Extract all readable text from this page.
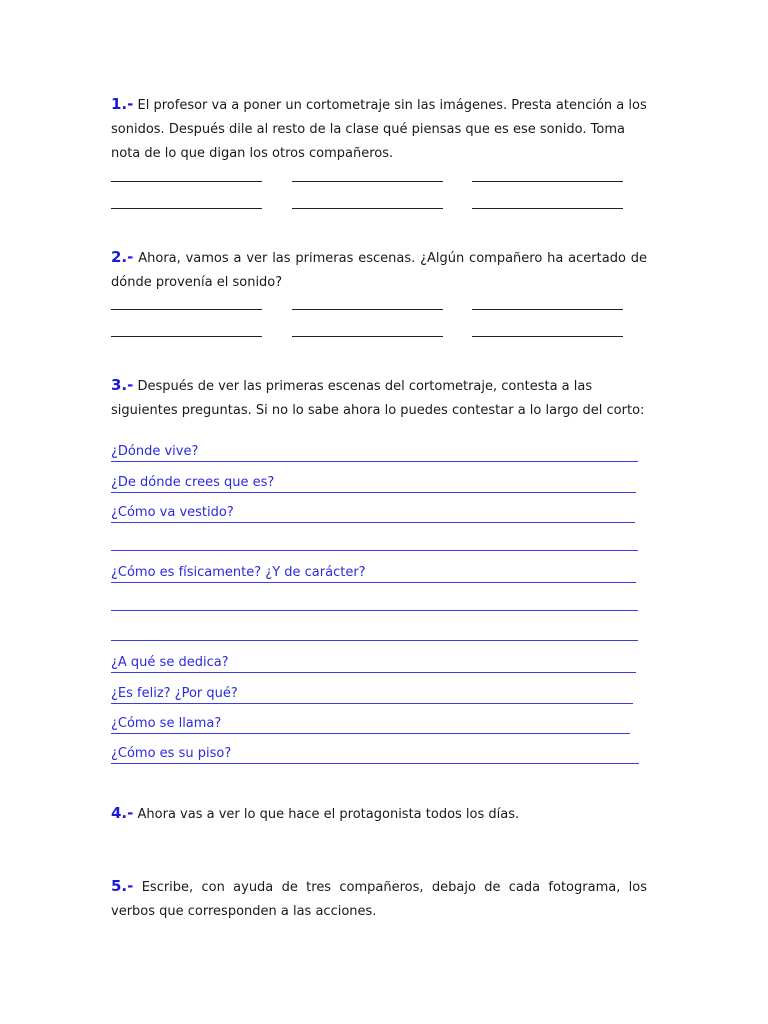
1.- El profesor va a poner un cortometraje sin las imágenes. Presta atención a los sonidos. Después dile al resto de la clase qué piensas que es ese sonido. Toma nota de lo que digan los otros compañeros.
2.- Ahora, vamos a ver las primeras escenas. ¿Algún compañero ha acertado de dónde provenía el sonido?
3.- Después de ver las primeras escenas del cortometraje, contesta a las siguientes preguntas. Si no lo sabe ahora lo puedes contestar a lo largo del corto:
¿Dónde vive?
¿De dónde crees que es?
¿Cómo va vestido?
¿Cómo es físicamente? ¿Y de carácter?
¿A qué se dedica?
¿Es feliz? ¿Por qué?
¿Cómo se llama?
¿Cómo es su piso?
4.- Ahora vas a ver lo que hace el protagonista todos los días.
5.- Escribe, con ayuda de tres compañeros, debajo de cada fotograma, los verbos que corresponden a las acciones.
